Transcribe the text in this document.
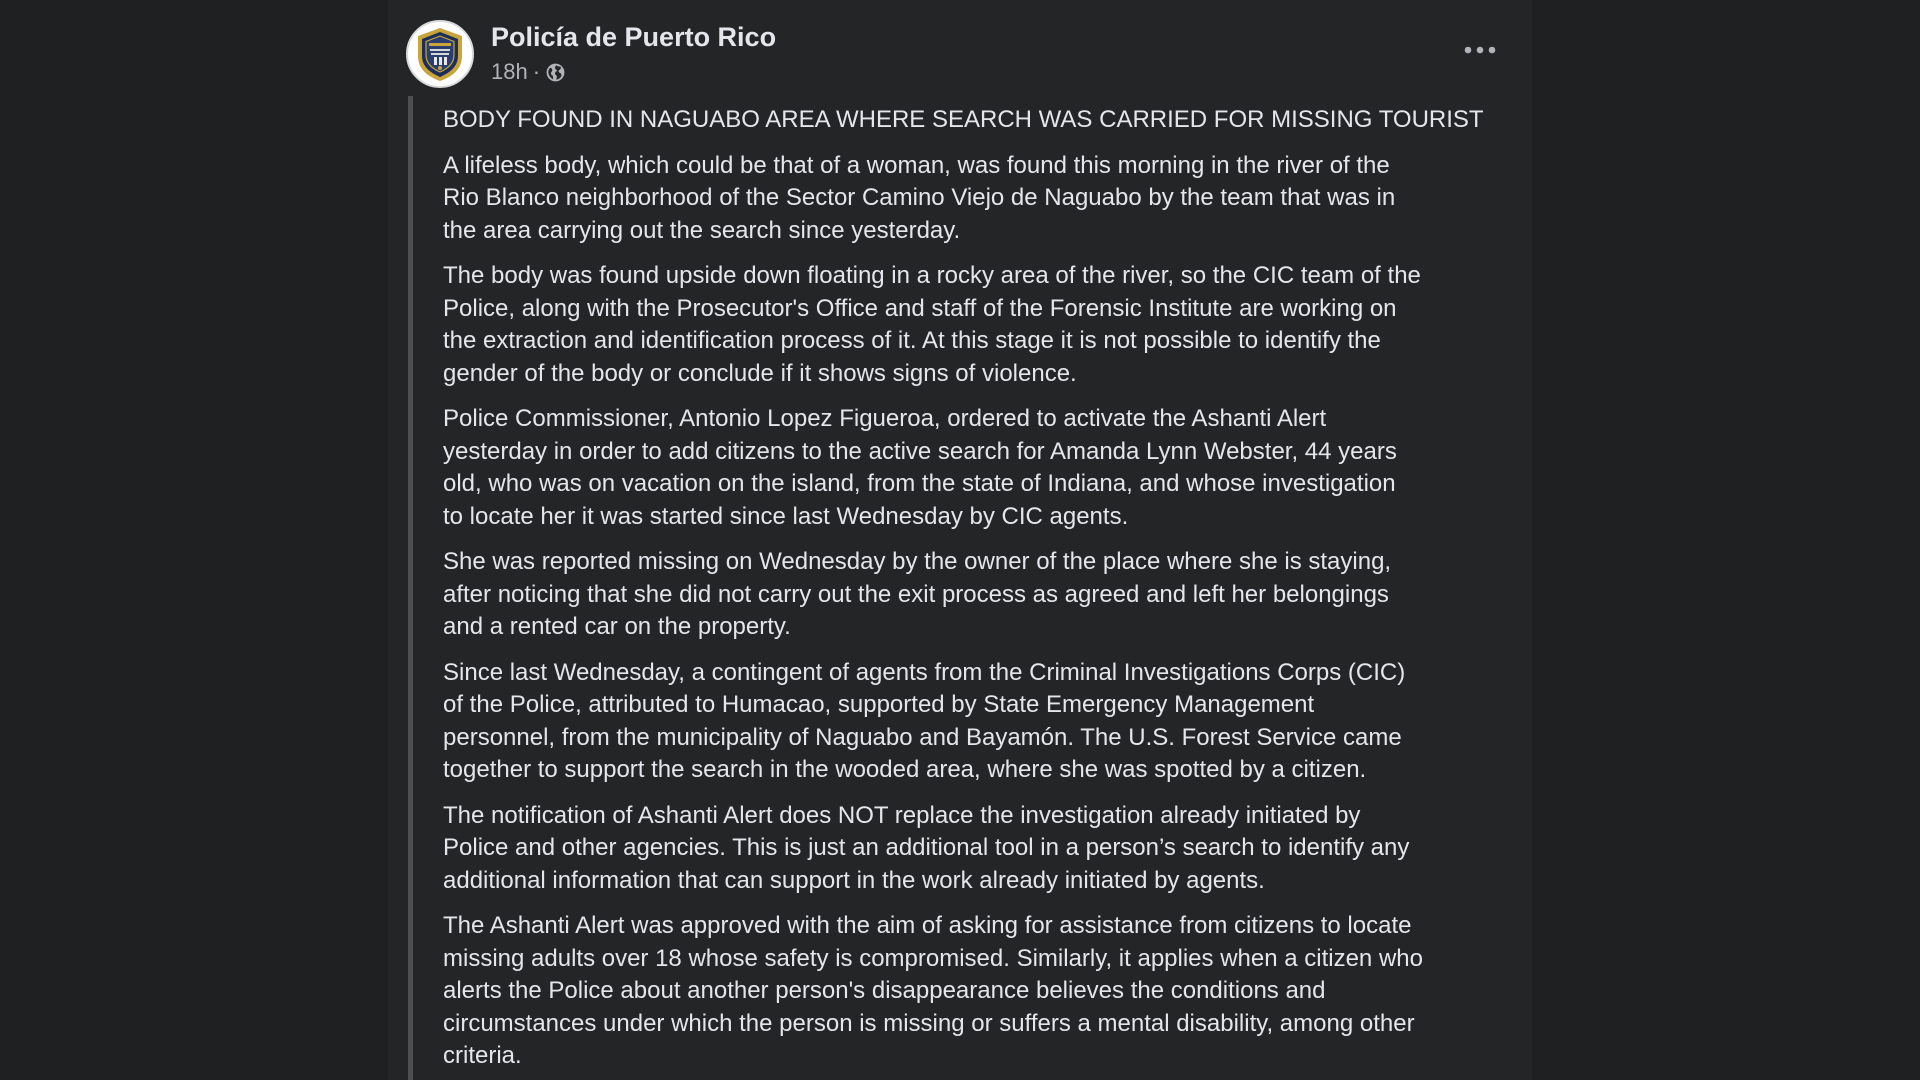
Policía de Puerto Rico
18h ·

BODY FOUND IN NAGUABO AREA WHERE SEARCH WAS CARRIED FOR MISSING TOURIST

A lifeless body, which could be that of a woman, was found this morning in the river of the
Rio Blanco neighborhood of the Sector Camino Viejo de Naguabo by the team that was in
the area carrying out the search since yesterday.

The body was found upside down floating in a rocky area of the river, so the CIC team of the
Police, along with the Prosecutor's Office and staff of the Forensic Institute are working on
the extraction and identification process of it. At this stage it is not possible to identify the
gender of the body or conclude if it shows signs of violence.

Police Commissioner, Antonio Lopez Figueroa, ordered to activate the Ashanti Alert
yesterday in order to add citizens to the active search for Amanda Lynn Webster, 44 years
old, who was on vacation on the island, from the state of Indiana, and whose investigation
to locate her it was started since last Wednesday by CIC agents.

She was reported missing on Wednesday by the owner of the place where she is staying,
after noticing that she did not carry out the exit process as agreed and left her belongings
and a rented car on the property.

Since last Wednesday, a contingent of agents from the Criminal Investigations Corps (CIC)
of the Police, attributed to Humacao, supported by State Emergency Management
personnel, from the municipality of Naguabo and Bayamón. The U.S. Forest Service came
together to support the search in the wooded area, where she was spotted by a citizen.

The notification of Ashanti Alert does NOT replace the investigation already initiated by
Police and other agencies. This is just an additional tool in a person’s search to identify any
additional information that can support in the work already initiated by agents.

The Ashanti Alert was approved with the aim of asking for assistance from citizens to locate
missing adults over 18 whose safety is compromised. Similarly, it applies when a citizen who
alerts the Police about another person's disappearance believes the conditions and
circumstances under which the person is missing or suffers a mental disability, among other
criteria.
